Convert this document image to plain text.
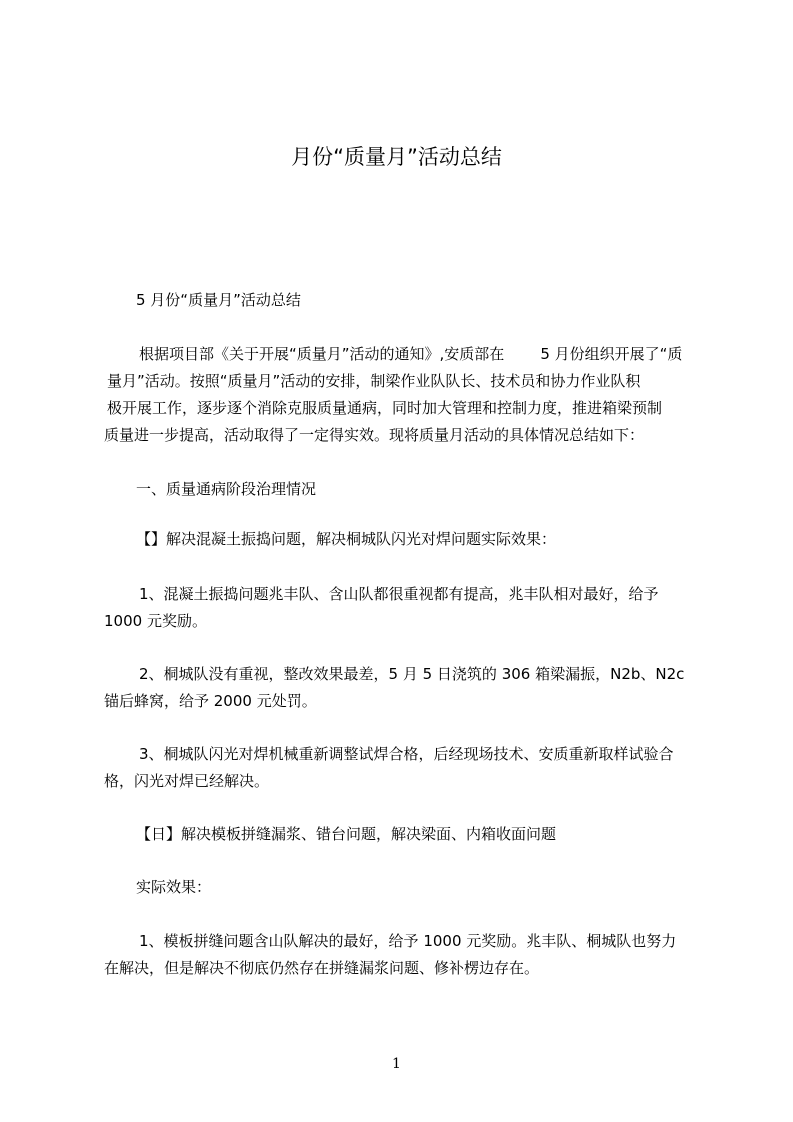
月份“质量月”活动总结
5 月份“质量月”活动总结
根据项目部《关于开展“质量月”活动的通知》,安质部在 5 月份组织开展了“质
量月”活动。按照“质量月”活动的安排，制梁作业队队长、技术员和协力作业队积
极开展工作，逐步逐个消除克服质量通病，同时加大管理和控制力度，推进箱梁预制
质量进一步提高，活动取得了一定得实效。现将质量月活动的具体情况总结如下：
一、质量通病阶段治理情况
【】解决混凝土振捣问题，解决桐城队闪光对焊问题实际效果：
1、混凝土振捣问题兆丰队、含山队都很重视都有提高，兆丰队相对最好，给予
1000 元奖励。
2、桐城队没有重视，整改效果最差，5 月 5 日浇筑的 306 箱梁漏振，N2b、N2c
锚后蜂窝，给予 2000 元处罚。
3、桐城队闪光对焊机械重新调整试焊合格，后经现场技术、安质重新取样试验合
格，闪光对焊已经解决。
【日】解决模板拼缝漏浆、错台问题，解决梁面、内箱收面问题
实际效果：
1、模板拼缝问题含山队解决的最好，给予 1000 元奖励。兆丰队、桐城队也努力
在解决，但是解决不彻底仍然存在拼缝漏浆问题、修补楞边存在。
1
